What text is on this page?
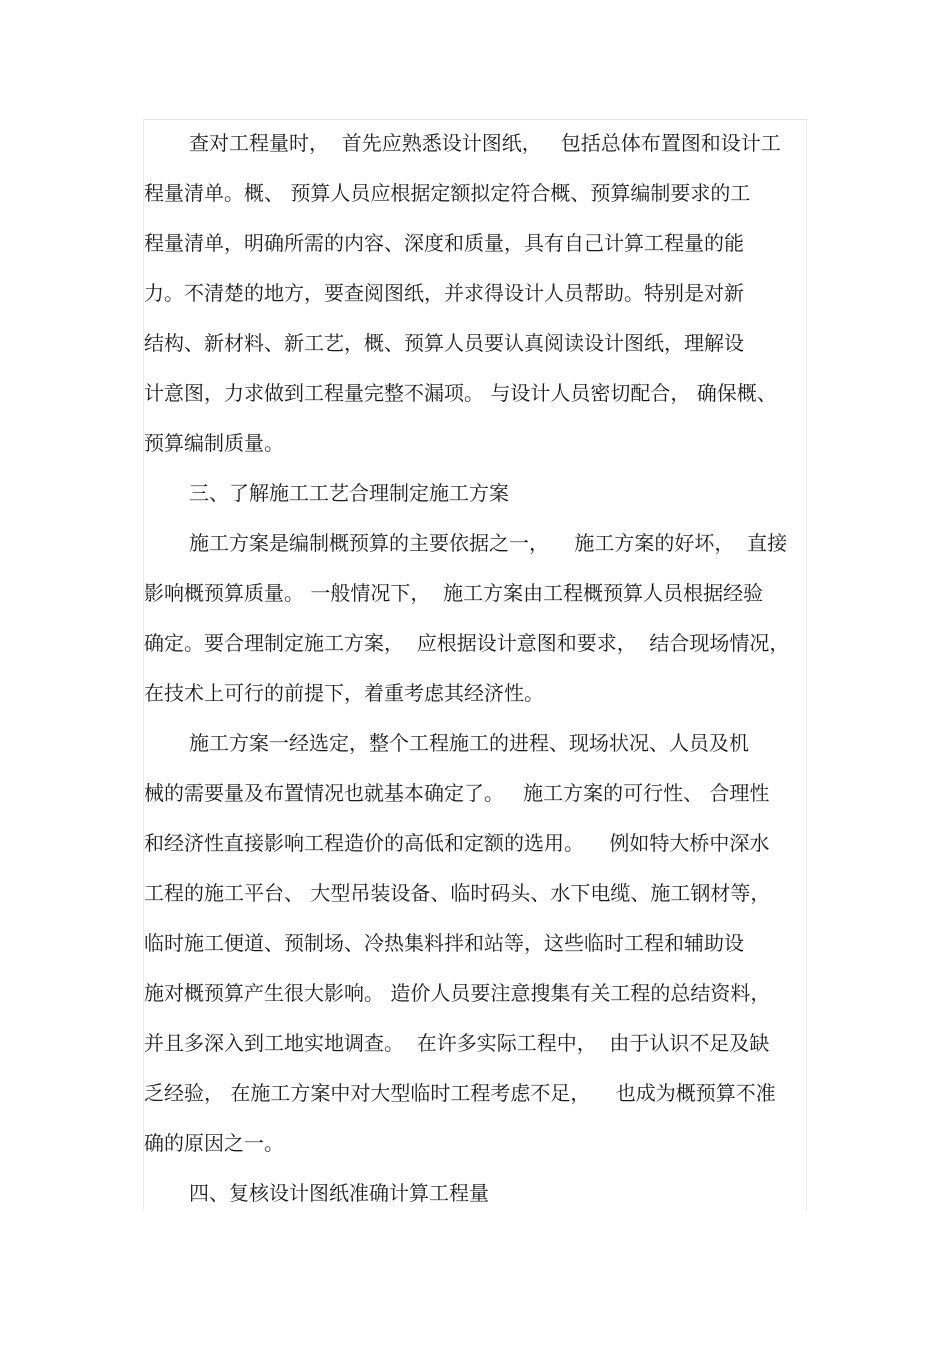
查对工程量时，  首先应熟悉设计图纸，   包括总体布置图和设计工
程量清单。概、 预算人员应根据定额拟定符合概、预算编制要求的工
程量清单，明确所需的内容、深度和质量，具有自己计算工程量的能
力。不清楚的地方，要查阅图纸，并求得设计人员帮助。特别是对新
结构、新材料、新工艺，概、预算人员要认真阅读设计图纸，理解设
计意图，力求做到工程量完整不漏项。 与设计人员密切配合， 确保概、
预算编制质量。
三、了解施工工艺合理制定施工方案
施工方案是编制概预算的主要依据之一，    施工方案的好坏，  直接
影响概预算质量。 一般情况下，  施工方案由工程概预算人员根据经验
确定。要合理制定施工方案，  应根据设计意图和要求，  结合现场情况，
在技术上可行的前提下，着重考虑其经济性。
施工方案一经选定，整个工程施工的进程、现场状况、人员及机
械的需要量及布置情况也就基本确定了。   施工方案的可行性、 合理性
和经济性直接影响工程造价的高低和定额的选用。    例如特大桥中深水
工程的施工平台、 大型吊装设备、临时码头、水下电缆、施工钢材等，
临时施工便道、预制场、冷热集料拌和站等，这些临时工程和辅助设
施对概预算产生很大影响。 造价人员要注意搜集有关工程的总结资料，
并且多深入到工地实地调查。  在许多实际工程中，  由于认识不足及缺
乏经验， 在施工方案中对大型临时工程考虑不足，    也成为概预算不准
确的原因之一。
四、复核设计图纸准确计算工程量
